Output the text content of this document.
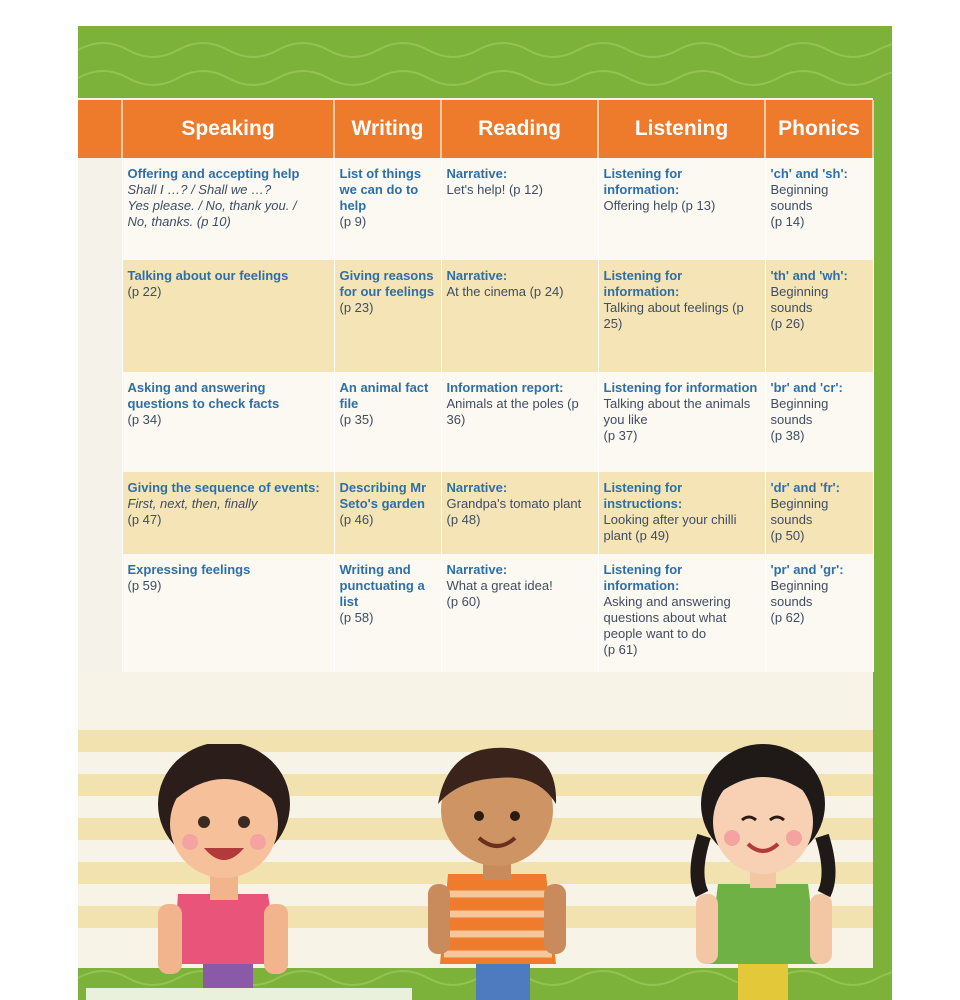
	Speaking	Writing	Reading	Listening	Phonics

	Offering and accepting help
Shall I …? / Shall we …?
Yes please. / No, thank you. /
No, thanks. (p 10)	List of things we can do to help
(p 9)	Narrative:
Let's help! (p 12)	Listening for information:
Offering help (p 13)	'ch' and 'sh':
Beginning sounds
(p 14)

	Talking about our feelings
(p 22)	Giving reasons for our feelings
(p 23)	Narrative:
At the cinema (p 24)	Listening for information:
Talking about feelings (p 25)	'th' and 'wh':
Beginning sounds
(p 26)

	Asking and answering questions to check facts
(p 34)	An animal fact file
(p 35)	Information report:
Animals at the poles (p 36)	Listening for information
Talking about the animals you like
(p 37)	'br' and 'cr':
Beginning sounds
(p 38)

	Giving the sequence of events:
First, next, then, finally
(p 47)	Describing Mr Seto's garden
(p 46)	Narrative:
Grandpa's tomato plant (p 48)	Listening for instructions:
Looking after your chilli plant (p 49)	'dr' and 'fr':
Beginning sounds
(p 50)

	Expressing feelings
(p 59)	Writing and punctuating a list
(p 58)	Narrative:
What a great idea!
(p 60)	Listening for information:
Asking and answering questions about what people want to do
(p 61)	'pr' and 'gr':
Beginning sounds
(p 62)
